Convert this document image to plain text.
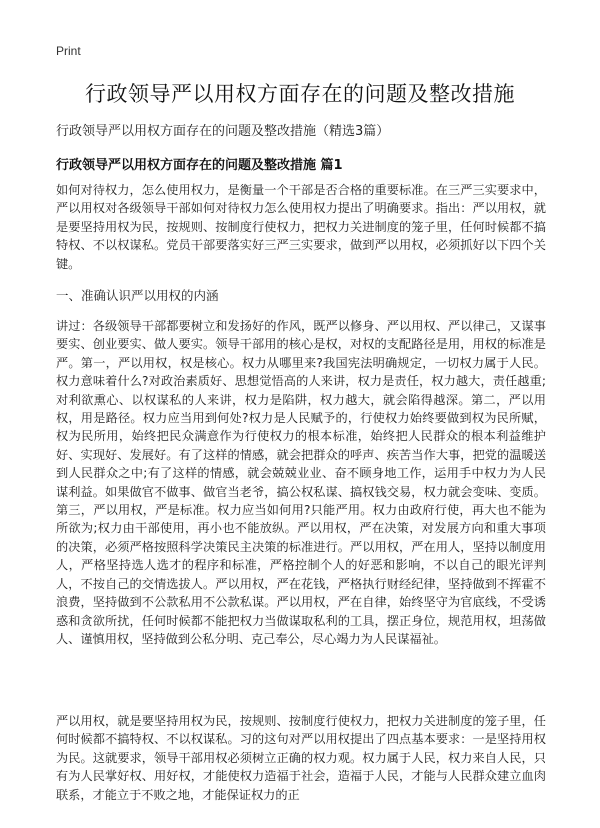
Print
行政领导严以用权方面存在的问题及整改措施
行政领导严以用权方面存在的问题及整改措施（精选3篇）
行政领导严以用权方面存在的问题及整改措施 篇1

如何对待权力，怎么使用权力，是衡量一个干部是否合格的重要标准。在三严三实要求中，严以用权对各级领导干部如何对待权力怎么使用权力提出了明确要求。指出：严以用权，就是要坚持用权为民，按规则、按制度行使权力，把权力关进制度的笼子里，任何时候都不搞特权、不以权谋私。党员干部要落实好三严三实要求，做到严以用权，必须抓好以下四个关键。

一、准确认识严以用权的内涵

讲过：各级领导干部都要树立和发扬好的作风，既严以修身、严以用权、严以律己，又谋事要实、创业要实、做人要实。领导干部用的核心是权，对权的支配路径是用，用权的标准是严。第一，严以用权，权是核心。权力从哪里来?我国宪法明确规定，一切权力属于人民。权力意味着什么?对政治素质好、思想觉悟高的人来讲，权力是责任，权力越大，责任越重;对利欲熏心、以权谋私的人来讲，权力是陷阱，权力越大，就会陷得越深。第二，严以用权，用是路径。权力应当用到何处?权力是人民赋予的，行使权力始终要做到权为民所赋，权为民所用，始终把民众满意作为行使权力的根本标准，始终把人民群众的根本利益维护好、实现好、发展好。有了这样的情感，就会把群众的呼声、疾苦当作大事，把党的温暖送到人民群众之中;有了这样的情感，就会兢兢业业、奋不顾身地工作，运用手中权力为人民谋利益。如果做官不做事、做官当老爷，搞公权私谋、搞权钱交易，权力就会变味、变质。第三，严以用权，严是标准。权力应当如何用?只能严用。权力由政府行使，再大也不能为所欲为;权力由干部使用，再小也不能放纵。严以用权，严在决策，对发展方向和重大事项的决策，必须严格按照科学决策民主决策的标准进行。严以用权，严在用人，坚持以制度用人，严格坚持选人选才的程序和标准，严格控制个人的好恶和影响，不以自己的眼光评判人，不按自己的交情选拔人。严以用权，严在花钱，严格执行财经纪律，坚持做到不挥霍不浪费，坚持做到不公款私用不公款私谋。严以用权，严在自律，始终坚守为官底线，不受诱惑和贪欲所扰，任何时候都不能把权力当做谋取私利的工具，摆正身位，规范用权，坦荡做人、谨慎用权，坚持做到公私分明、克己奉公，尽心竭力为人民谋福祉。

严以用权，就是要坚持用权为民，按规则、按制度行使权力，把权力关进制度的笼子里，任何时候都不搞特权、不以权谋私。习的这句对严以用权提出了四点基本要求：一是坚持用权为民。这就要求，领导干部用权必须树立正确的权力观。权力属于人民，权力来自人民，只有为人民掌好权、用好权，才能使权力造福于社会，造福于人民，才能与人民群众建立血肉联系，才能立于不败之地，才能保证权力的正
